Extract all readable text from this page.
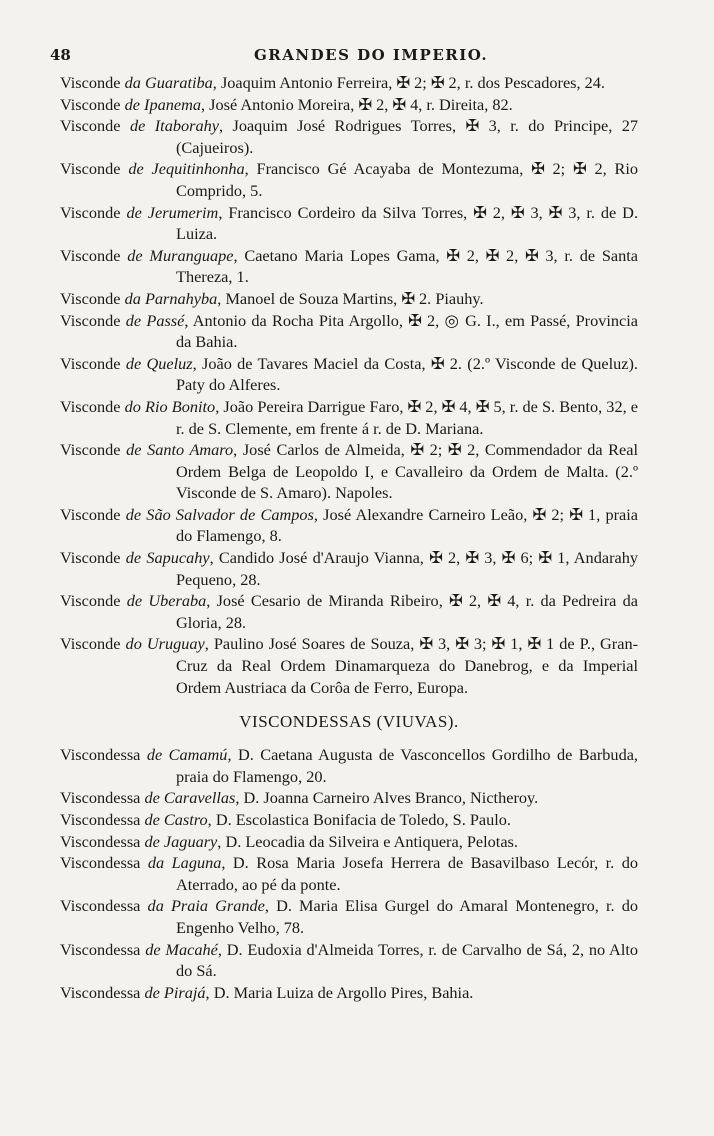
48	GRANDES DO IMPERIO.

Visconde da Guaratiba, Joaquim Antonio Ferreira, ✠ 2; ✠ 2, r. dos Pescadores, 24.

Visconde de Ipanema, José Antonio Moreira, ✠ 2, ✠ 4, r. Direita, 82.

Visconde de Itaborahy, Joaquim José Rodrigues Torres, ✠ 3, r. do Principe, 27 (Cajueiros).

Visconde de Jequitinhonha, Francisco Gé Acayaba de Montezuma, ✠ 2; ✠ 2, Rio Comprido, 5.

Visconde de Jerumerim, Francisco Cordeiro da Silva Torres, ✠ 2, ✠ 3, ✠ 3, r. de D. Luiza.

Visconde de Muranguape, Caetano Maria Lopes Gama, ✠ 2, ✠ 2, ✠ 3, r. de Santa Thereza, 1.

Visconde da Parnahyba, Manoel de Souza Martins, ✠ 2. Piauhy.

Visconde de Passé, Antonio da Rocha Pita Argollo, ✠ 2, ◎ G. I., em Passé, Provincia da Bahia.

Visconde de Queluz, João de Tavares Maciel da Costa, ✠ 2. (2.º Visconde de Queluz). Paty do Alferes.

Visconde do Rio Bonito, João Pereira Darrigue Faro, ✠ 2, ✠ 4, ✠ 5, r. de S. Bento, 32, e r. de S. Clemente, em frente á r. de D. Mariana.

Visconde de Santo Amaro, José Carlos de Almeida, ✠ 2; ✠ 2, Commendador da Real Ordem Belga de Leopoldo I, e Cavalleiro da Ordem de Malta. (2.º Visconde de S. Amaro). Napoles.

Visconde de São Salvador de Campos, José Alexandre Carneiro Leão, ✠ 2; ✠ 1, praia do Flamengo, 8.

Visconde de Sapucahy, Candido José d'Araujo Vianna, ✠ 2, ✠ 3, ✠ 6; ✠ 1, Andarahy Pequeno, 28.

Visconde de Uberaba, José Cesario de Miranda Ribeiro, ✠ 2, ✠ 4, r. da Pedreira da Gloria, 28.

Visconde do Uruguay, Paulino José Soares de Souza, ✠ 3, ✠ 3; ✠ 1, ✠ 1 de P., Gran-Cruz da Real Ordem Dinamarqueza do Danebrog, e da Imperial Ordem Austriaca da Corôa de Ferro, Europa.

VISCONDESSAS (VIUVAS).

Viscondessa de Camamú, D. Caetana Augusta de Vasconcellos Gordilho de Barbuda, praia do Flamengo, 20.

Viscondessa de Caravellas, D. Joanna Carneiro Alves Branco, Nictheroy.

Viscondessa de Castro, D. Escolastica Bonifacia de Toledo, S. Paulo.

Viscondessa de Jaguary, D. Leocadia da Silveira e Antiquera, Pelotas.

Viscondessa da Laguna, D. Rosa Maria Josefa Herrera de Basavilbaso Lecór, r. do Aterrado, ao pé da ponte.

Viscondessa da Praia Grande, D. Maria Elisa Gurgel do Amaral Montenegro, r. do Engenho Velho, 78.

Viscondessa de Macahé, D. Eudoxia d'Almeida Torres, r. de Carvalho de Sá, 2, no Alto do Sá.

Viscondessa de Pirajá, D. Maria Luiza de Argollo Pires, Bahia.
